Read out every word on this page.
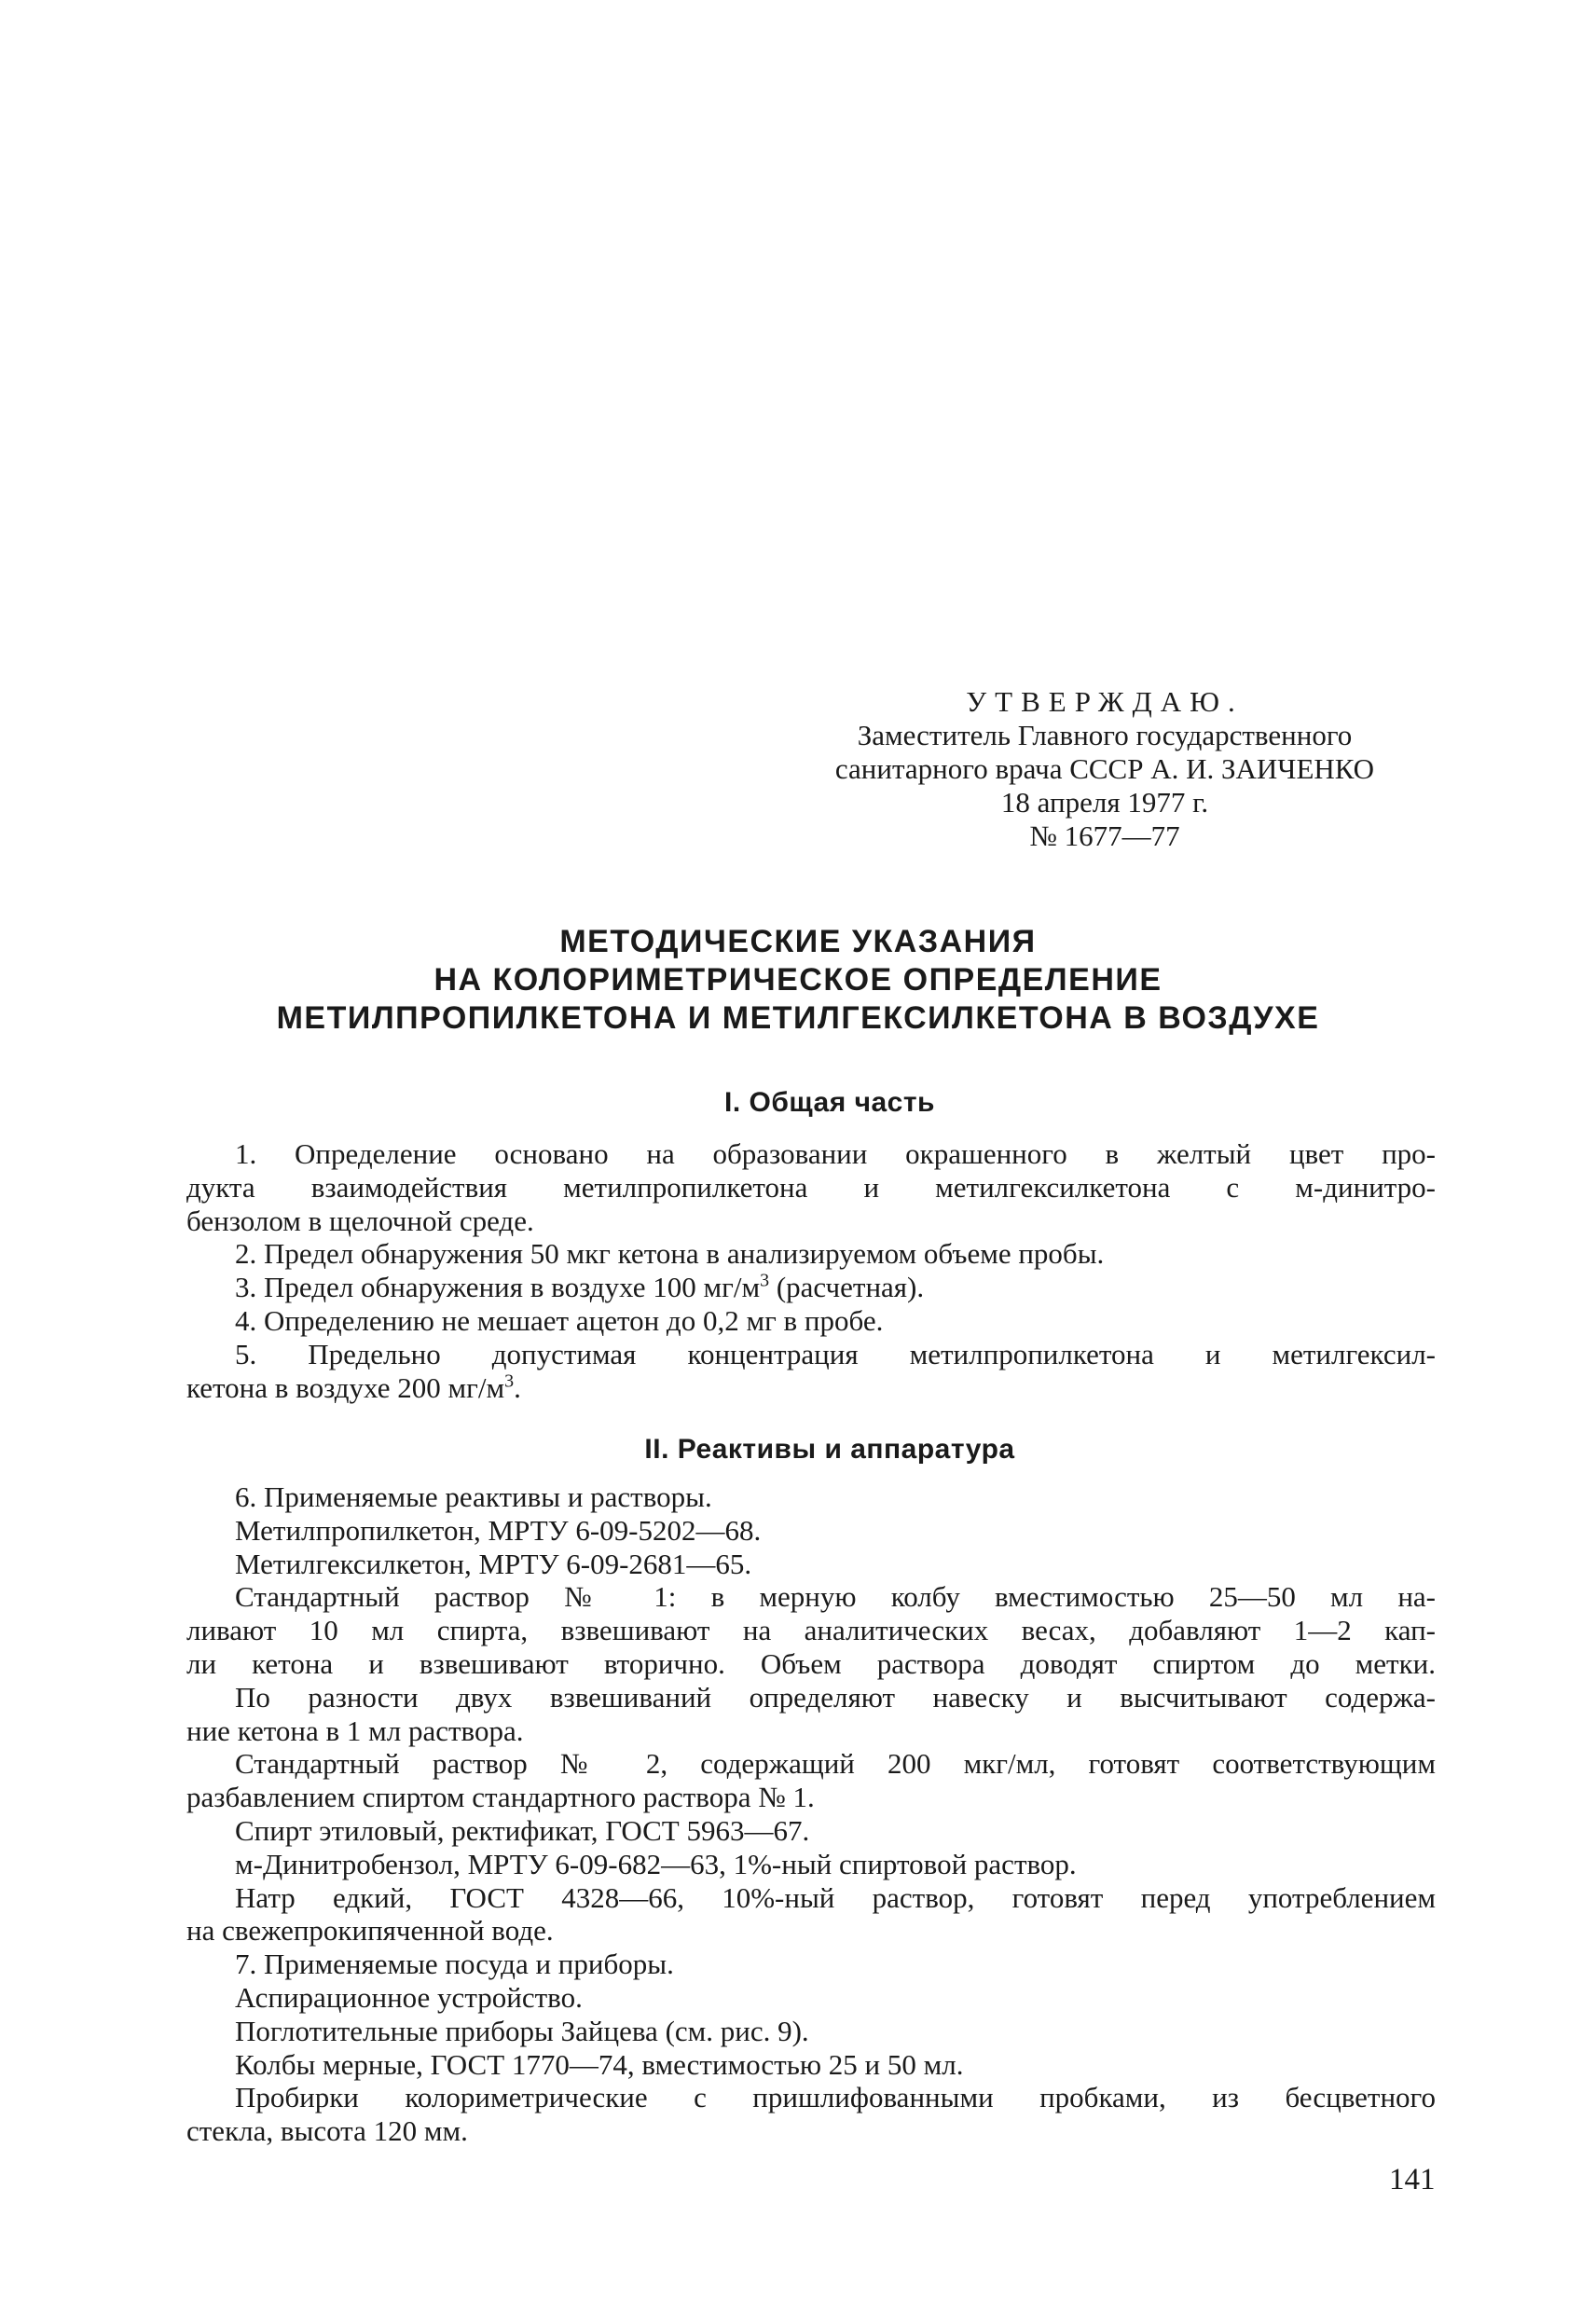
УТВЕРЖДАЮ.
Заместитель Главного государственного
санитарного врача СССР А. И. ЗАИЧЕНКО
18 апреля 1977 г.
№ 1677—77
МЕТОДИЧЕСКИЕ УКАЗАНИЯ
НА КОЛОРИМЕТРИЧЕСКОЕ ОПРЕДЕЛЕНИЕ
МЕТИЛПРОПИЛКЕТОНА И МЕТИЛГЕКСИЛКЕТОНА В ВОЗДУХЕ
I. Общая часть
1. Определение основано на образовании окрашенного в желтый цвет про-
дукта взаимодействия метилпропилкетона и метилгексилкетона с м-динитро-
бензолом в щелочной среде.
2. Предел обнаружения 50 мкг кетона в анализируемом объеме пробы.
3. Предел обнаружения в воздухе 100 $мг/м^3$ (расчетная).
4. Определению не мешает ацетон до 0,2 мг в пробе.
5. Предельно допустимая концентрация метилпропилкетона и метилгексил-
кетона в воздухе 200 $мг/м^3$.
II. Реактивы и аппаратура
6. Применяемые реактивы и растворы.
Метилпропилкетон, МРТУ 6-09-5202—68.
Метилгексилкетон, МРТУ 6-09-2681—65.
Стандартный раствор № 1: в мерную колбу вместимостью 25—50 мл на-
ливают 10 мл спирта, взвешивают на аналитических весах, добавляют 1—2 кап-
ли кетона и взвешивают вторично. Объем раствора доводят спиртом до метки.
По разности двух взвешиваний определяют навеску и высчитывают содержа-
ние кетона в 1 мл раствора.
Стандартный раствор № 2, содержащий 200 мкг/мл, готовят соответствующим
разбавлением спиртом стандартного раствора № 1.
Спирт этиловый, ректификат, ГОСТ 5963—67.
м-Динитробензол, МРТУ 6-09-682—63, 1%-ный спиртовой раствор.
Натр едкий, ГОСТ 4328—66, 10%-ный раствор, готовят перед употреблением
на свежепрокипяченной воде.
7. Применяемые посуда и приборы.
Аспирационное устройство.
Поглотительные приборы Зайцева (см. рис. 9).
Колбы мерные, ГОСТ 1770—74, вместимостью 25 и 50 мл.
Пробирки колориметрические с пришлифованными пробками, из бесцветного
стекла, высота 120 мм.
141
